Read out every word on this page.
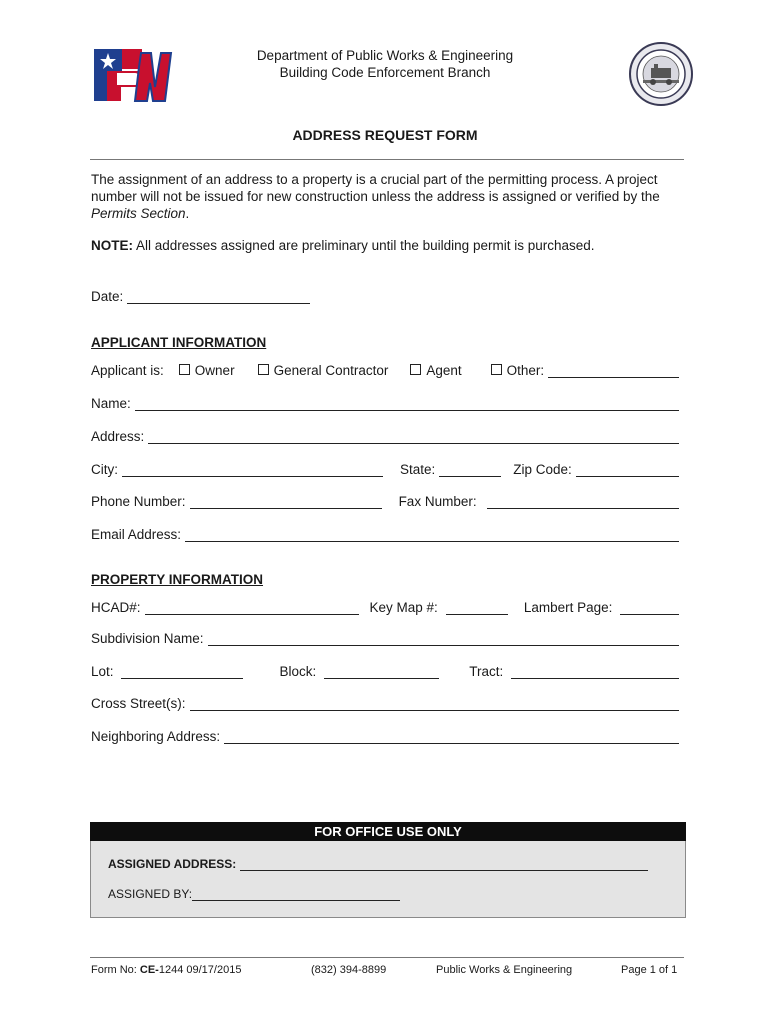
Department of Public Works & Engineering
Building Code Enforcement Branch
ADDRESS REQUEST FORM
The assignment of an address to a property is a crucial part of the permitting process. A project number will not be issued for new construction unless the address is assigned or verified by the Permits Section.
NOTE: All addresses assigned are preliminary until the building permit is purchased.
Date:
APPLICANT INFORMATION
Applicant is: Owner	General Contractor	Agent	Other:
Name:
Address:
City:	State:	Zip Code:
Phone Number:	Fax Number:
Email Address:
PROPERTY INFORMATION
HCAD#:	Key Map #:	Lambert Page:
Subdivision Name:
Lot:	Block:	Tract:
Cross Street(s):
Neighboring Address:
FOR OFFICE USE ONLY
ASSIGNED ADDRESS:
ASSIGNED BY:
Form No: CE-1244 09/17/2015	(832) 394-8899	Public Works & Engineering	Page 1 of 1
